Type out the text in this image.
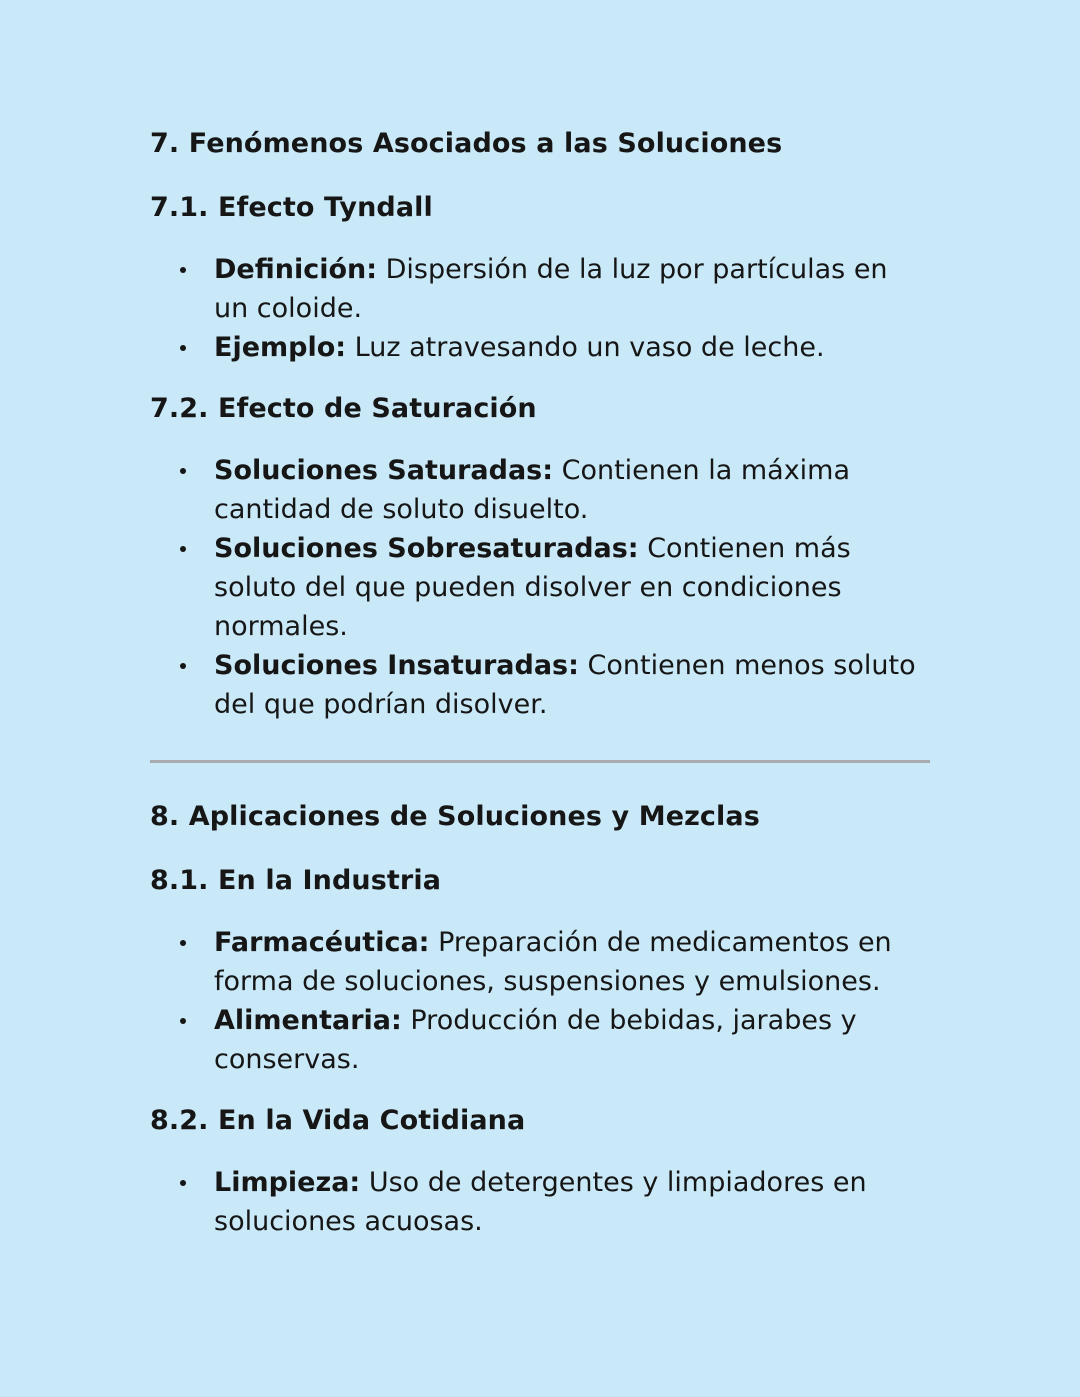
7. Fenómenos Asociados a las Soluciones
7.1. Efecto Tyndall
Definición: Dispersión de la luz por partículas en un coloide.
Ejemplo: Luz atravesando un vaso de leche.
7.2. Efecto de Saturación
Soluciones Saturadas: Contienen la máxima cantidad de soluto disuelto.
Soluciones Sobresaturadas: Contienen más soluto del que pueden disolver en condiciones normales.
Soluciones Insaturadas: Contienen menos soluto del que podrían disolver.
8. Aplicaciones de Soluciones y Mezclas
8.1. En la Industria
Farmacéutica: Preparación de medicamentos en forma de soluciones, suspensiones y emulsiones.
Alimentaria: Producción de bebidas, jarabes y conservas.
8.2. En la Vida Cotidiana
Limpieza: Uso de detergentes y limpiadores en soluciones acuosas.
